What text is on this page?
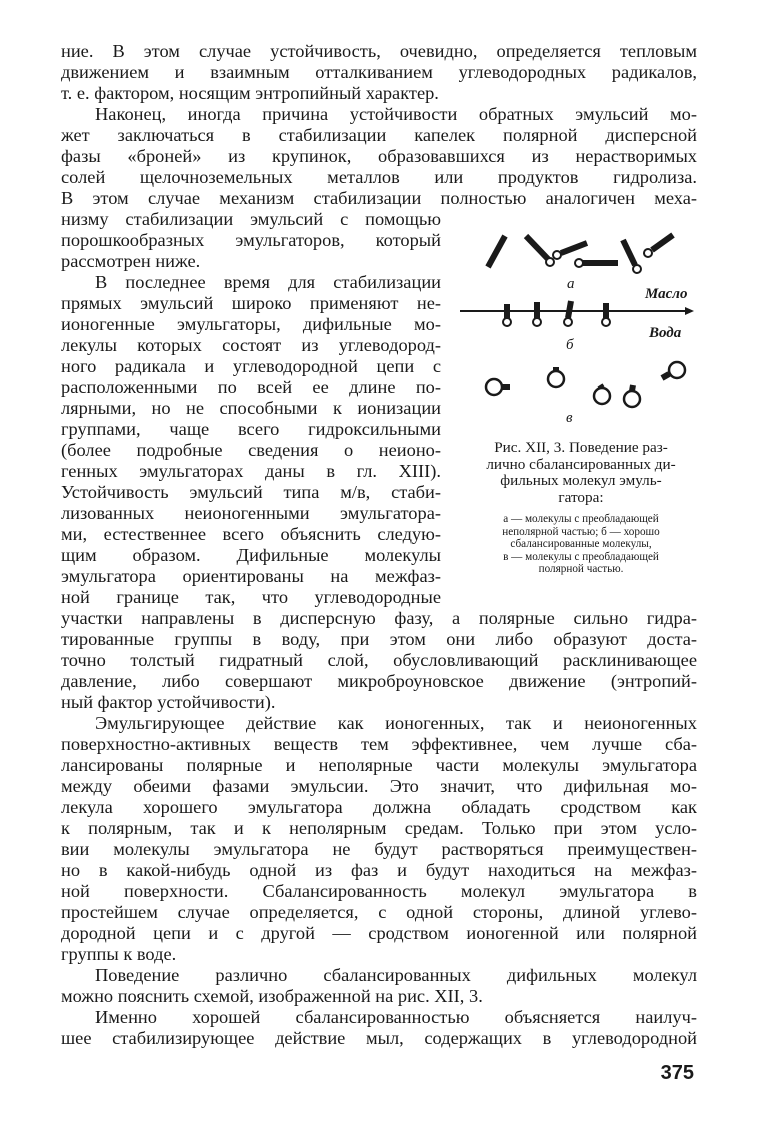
ние. В этом случае устойчивость, очевидно, определяется тепловым
движением и взаимным отталкиванием углеводородных радикалов,
т. е. фактором, носящим энтропийный характер.
Наконец, иногда причина устойчивости обратных эмульсий мо-
жет заключаться в стабилизации капелек полярной дисперсной
фазы «броней» из крупинок, образовавшихся из нерастворимых
солей щелочноземельных металлов или продуктов гидролиза.
В этом случае механизм стабилизации полностью аналогичен меха-
низму стабилизации эмульсий с помощью
порошкообразных эмульгаторов, который
рассмотрен ниже.
В последнее время для стабилизации
прямых эмульсий широко применяют не-
ионогенные эмульгаторы, дифильные мо-
лекулы которых состоят из углеводород-
ного радикала и углеводородной цепи с
расположенными по всей ее длине по-
лярными, но не способными к ионизации
группами, чаще всего гидроксильными
(более подробные сведения о неионо-
генных эмульгаторах даны в гл. XIII).
Устойчивость эмульсий типа м/в, стаби-
лизованных неионогенными эмульгатора-
ми, естественнее всего объяснить следую-
щим образом. Дифильные молекулы
эмульгатора ориентированы на межфаз-
ной границе так, что углеводородные
участки направлены в дисперсную фазу, а полярные сильно гидра-
тированные группы в воду, при этом они либо образуют доста-
точно толстый гидратный слой, обусловливающий расклинивающее
давление, либо совершают микроброуновское движение (энтропий-
ный фактор устойчивости).
Эмульгирующее действие как ионогенных, так и неионогенных
поверхностно-активных веществ тем эффективнее, чем лучше сба-
лансированы полярные и неполярные части молекулы эмульгатора
между обеими фазами эмульсии. Это значит, что дифильная мо-
лекула хорошего эмульгатора должна обладать сродством как
к полярным, так и к неполярным средам. Только при этом усло-
вии молекулы эмульгатора не будут растворяться преимуществен-
но в какой-нибудь одной из фаз и будут находиться на межфаз-
ной поверхности. Сбалансированность молекул эмульгатора в
простейшем случае определяется, с одной стороны, длиной углево-
дородной цепи и с другой — сродством ионогенной или полярной
группы к воде.
Поведение различно сбалансированных дифильных молекул
можно пояснить схемой, изображенной на рис. XII, 3.
Именно хорошей сбалансированностью объясняется наилуч-
шее стабилизирующее действие мыл, содержащих в углеводородной
а
Масло
Вода
б
в
Рис. XII, 3. Поведение раз-
лично сбалансированных ди-
фильных молекул эмуль-
гатора:
а — молекулы с преобладающей
неполярной частью; б — хорошо
сбалансированные молекулы,
в — молекулы с преобладающей
полярной частью.
375
